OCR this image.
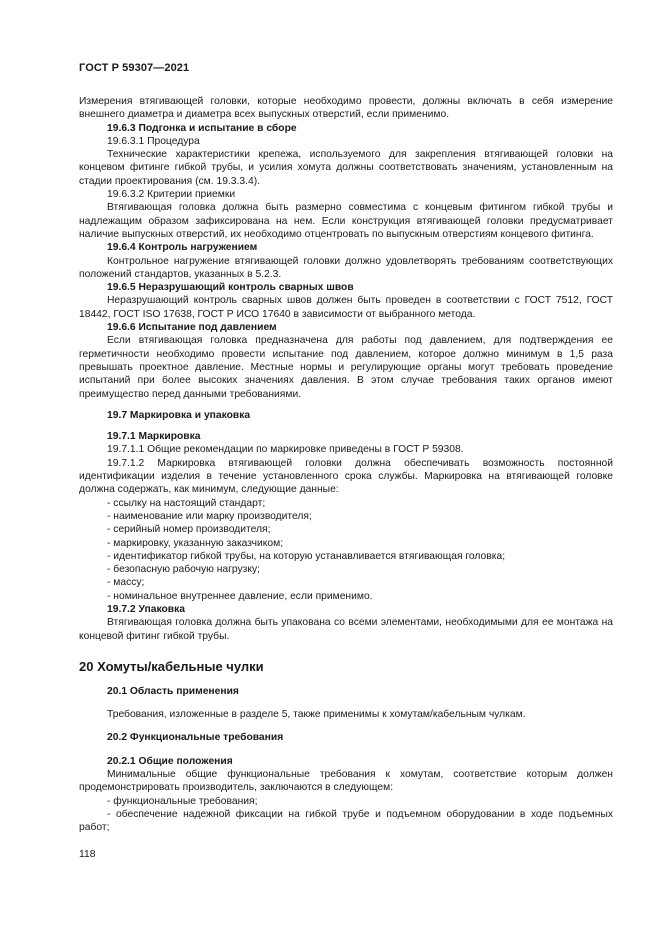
ГОСТ Р 59307—2021

Измерения втягивающей головки, которые необходимо провести, должны включать в себя измерение внешнего диаметра и диаметра всех выпускных отверстий, если применимо.

19.6.3 Подгонка и испытание в сборе

19.6.3.1 Процедура

Технические характеристики крепежа, используемого для закрепления втягивающей головки на концевом фитинге гибкой трубы, и усилия хомута должны соответствовать значениям, установленным на стадии проектирования (см. 19.3.3.4).

19.6.3.2 Критерии приемки

Втягивающая головка должна быть размерно совместима с концевым фитингом гибкой трубы и надлежащим образом зафиксирована на нем. Если конструкция втягивающей головки предусматривает наличие выпускных отверстий, их необходимо отцентровать по выпускным отверстиям концевого фитинга.

19.6.4 Контроль нагружением

Контрольное нагружение втягивающей головки должно удовлетворять требованиям соответствующих положений стандартов, указанных в 5.2.3.

19.6.5 Неразрушающий контроль сварных швов

Неразрушающий контроль сварных швов должен быть проведен в соответствии с ГОСТ 7512, ГОСТ 18442, ГОСТ ISO 17638, ГОСТ Р ИСО 17640 в зависимости от выбранного метода.

19.6.6 Испытание под давлением

Если втягивающая головка предназначена для работы под давлением, для подтверждения ее герметичности необходимо провести испытание под давлением, которое должно минимум в 1,5 раза превышать проектное давление. Местные нормы и регулирующие органы могут требовать проведение испытаний при более высоких значениях давления. В этом случае требования таких органов имеют преимущество перед данными требованиями.

19.7 Маркировка и упаковка

19.7.1 Маркировка

19.7.1.1 Общие рекомендации по маркировке приведены в ГОСТ Р 59308.

19.7.1.2 Маркировка втягивающей головки должна обеспечивать возможность постоянной идентификации изделия в течение установленного срока службы. Маркировка на втягивающей головке должна содержать, как минимум, следующие данные:

- ссылку на настоящий стандарт;

- наименование или марку производителя;

- серийный номер производителя;

- маркировку, указанную заказчиком;

- идентификатор гибкой трубы, на которую устанавливается втягивающая головка;

- безопасную рабочую нагрузку;

- массу;

- номинальное внутреннее давление, если применимо.

19.7.2 Упаковка

Втягивающая головка должна быть упакована со всеми элементами, необходимыми для ее монтажа на концевой фитинг гибкой трубы.

20 Хомуты/кабельные чулки

20.1 Область применения

Требования, изложенные в разделе 5, также применимы к хомутам/кабельным чулкам.

20.2 Функциональные требования

20.2.1 Общие положения

Минимальные общие функциональные требования к хомутам, соответствие которым должен продемонстрировать производитель, заключаются в следующем:

- функциональные требования;

- обеспечение надежной фиксации на гибкой трубе и подъемном оборудовании в ходе подъемных работ;

118
